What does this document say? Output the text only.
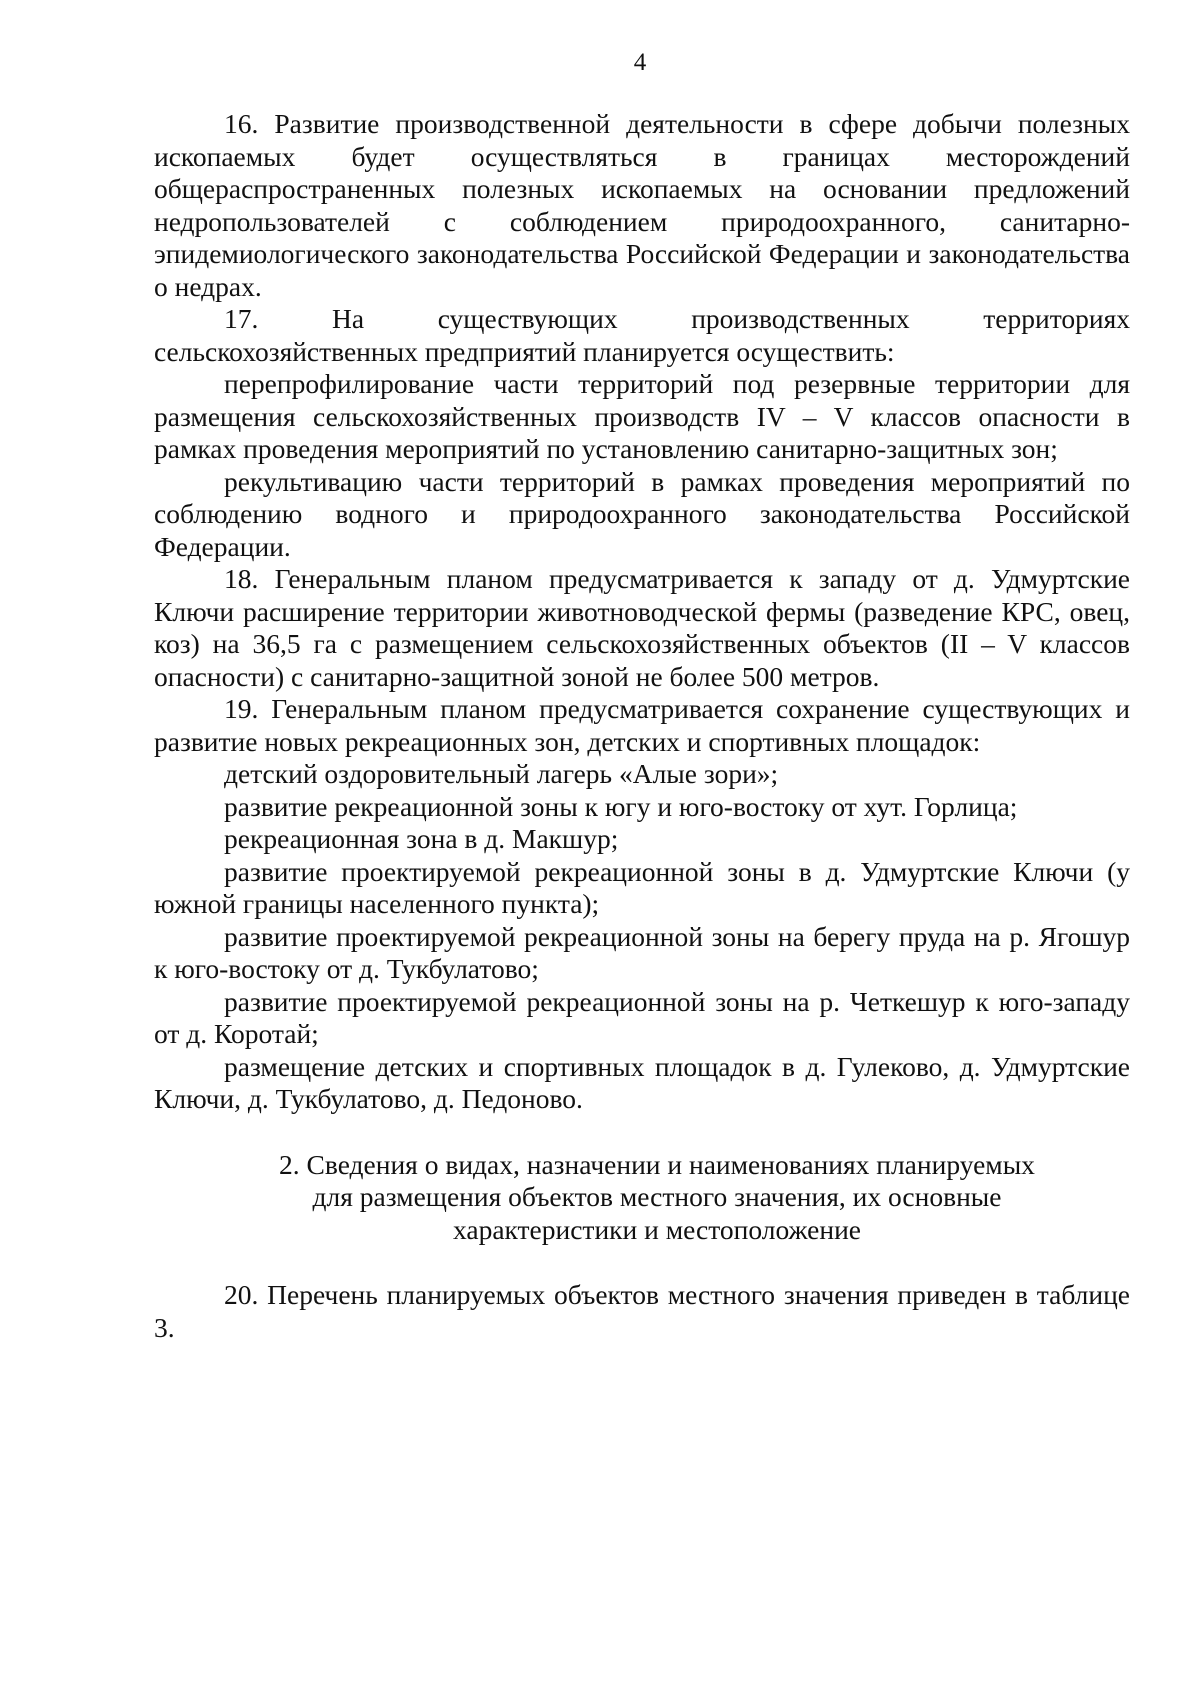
4

16. Развитие производственной деятельности в сфере добычи полезных ископаемых будет осуществляться в границах месторождений общераспространенных полезных ископаемых на основании предложений недропользователей с соблюдением природоохранного, санитарно-эпидемиологического законодательства Российской Федерации и законодательства о недрах.

17. На существующих производственных территориях сельскохозяйственных предприятий планируется осуществить:

перепрофилирование части территорий под резервные территории для размещения сельскохозяйственных производств IV – V классов опасности в рамках проведения мероприятий по установлению санитарно-защитных зон;

рекультивацию части территорий в рамках проведения мероприятий по соблюдению водного и природоохранного законодательства Российской Федерации.

18. Генеральным планом предусматривается к западу от д. Удмуртские Ключи расширение территории животноводческой фермы (разведение КРС, овец, коз) на 36,5 га с размещением сельскохозяйственных объектов (II – V классов опасности) с санитарно-защитной зоной не более 500 метров.

19. Генеральным планом предусматривается сохранение существующих и развитие новых рекреационных зон, детских и спортивных площадок:

детский оздоровительный лагерь «Алые зори»;

развитие рекреационной зоны к югу и юго-востоку от хут. Горлица;

рекреационная зона в д. Макшур;

развитие проектируемой рекреационной зоны в д. Удмуртские Ключи (у южной границы населенного пункта);

развитие проектируемой рекреационной зоны на берегу пруда на р. Ягошур к юго-востоку от д. Тукбулатово;

развитие проектируемой рекреационной зоны на р. Четкешур к юго-западу от д. Коротай;

размещение детских и спортивных площадок в д. Гулеково, д. Удмуртские Ключи, д. Тукбулатово, д. Педоново.

2. Сведения о видах, назначении и наименованиях планируемых
для размещения объектов местного значения, их основные
характеристики и местоположение

20. Перечень планируемых объектов местного значения приведен в таблице 3.
